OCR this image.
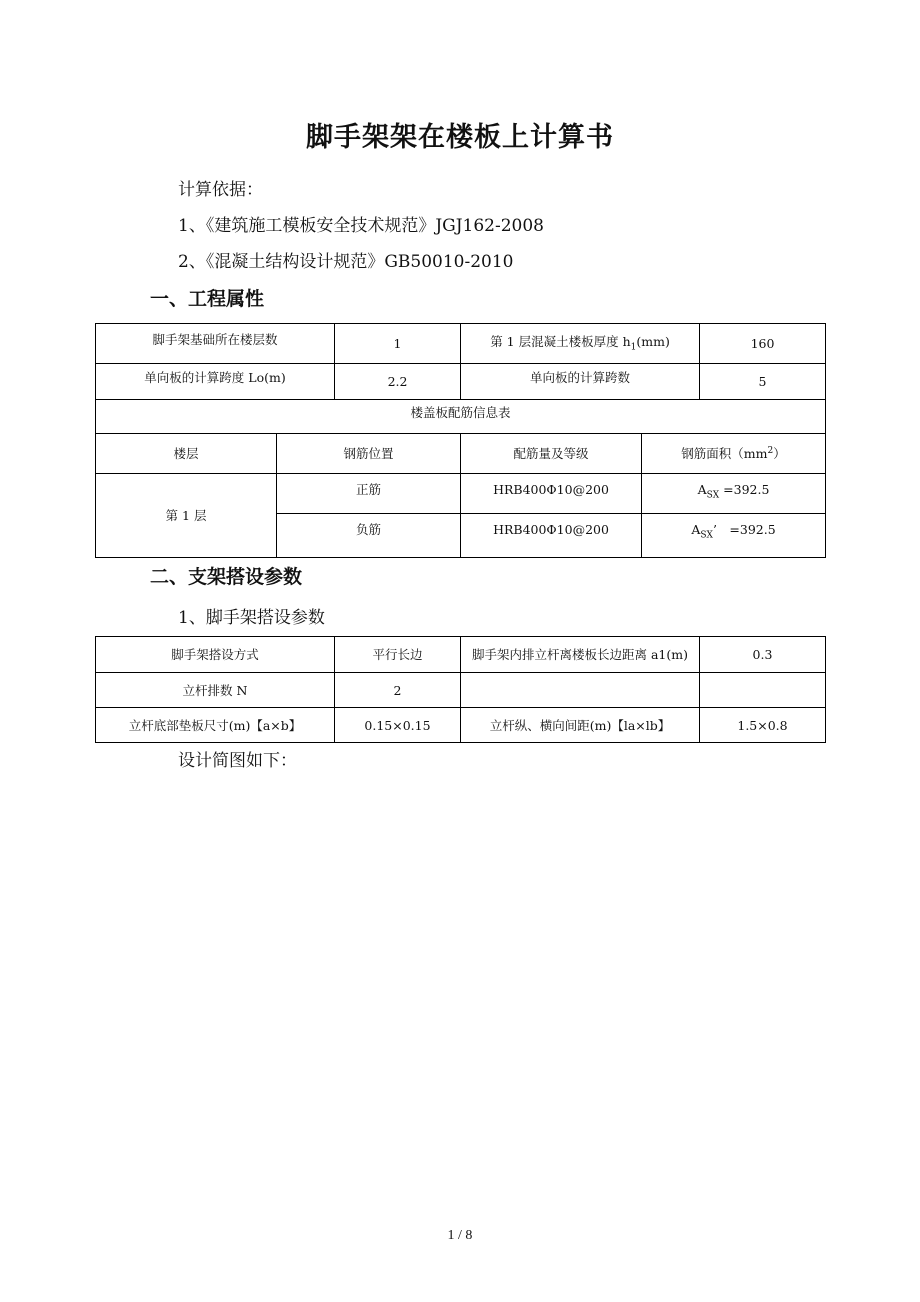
脚手架架在楼板上计算书
计算依据：
1、《建筑施工模板安全技术规范》JGJ162-2008
2、《混凝土结构设计规范》GB50010-2010
一、工程属性
脚手架基础所在楼层数		1	第 1 层混凝土楼板厚度 $h_1(mm)$		160
单向板的计算跨度 Lo(m)		2.2	单向板的计算跨数		5
楼盖板配筋信息表					
楼层	钢筋位置		配筋量及等级	钢筋面积$(mm^2)$	
第 1 层	正筋		HRB400Φ10@200	$A_{SX} =392.5$	
	负筋		HRB400Φ10@200	$A_{SX}$’　=392.5	
二、支架搭设参数
1、脚手架搭设参数
脚手架搭设方式	平行长边	脚手架内排立杆离楼板长边距离 a1(m)	0.3
立杆排数 N	2		
立杆底部垫板尺寸(m)【a×b】	0.15×0.15	立杆纵、横向间距(m)【la×lb】	1.5×0.8
设计简图如下：
1 / 8
